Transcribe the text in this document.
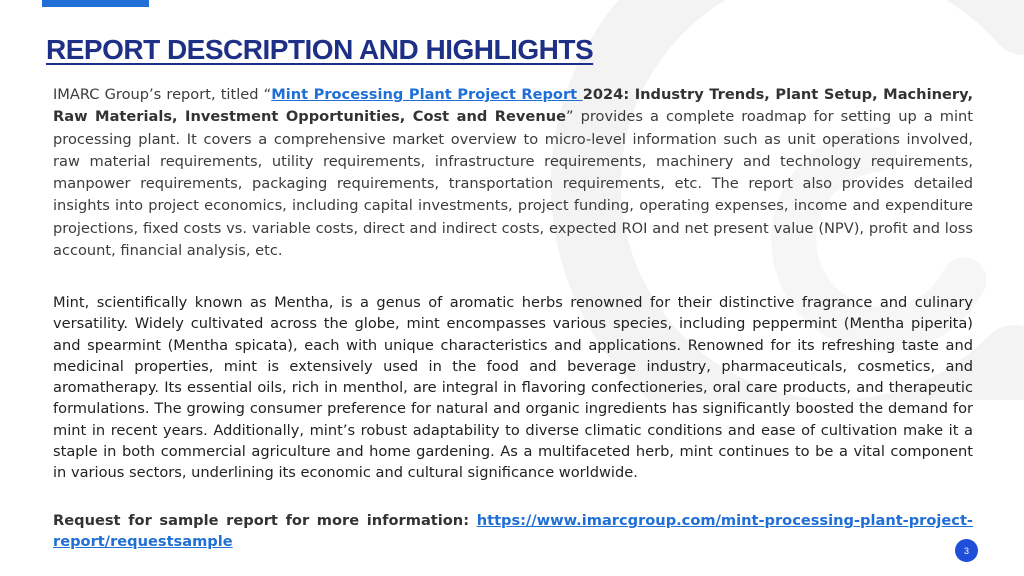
REPORT DESCRIPTION AND HIGHLIGHTS

IMARC Group’s report, titled “Mint Processing Plant Project Report 2024: Industry Trends, Plant Setup, Machinery, Raw Materials, Investment Opportunities, Cost and Revenue” provides a complete roadmap for setting up a mint processing plant. It covers a comprehensive market overview to micro-level information such as unit operations involved, raw material requirements, utility requirements, infrastructure requirements, machinery and technology requirements, manpower requirements, packaging requirements, transportation requirements, etc. The report also provides detailed insights into project economics, including capital investments, project funding, operating expenses, income and expenditure projections, fixed costs vs. variable costs, direct and indirect costs, expected ROI and net present value (NPV), profit and loss account, financial analysis, etc.

Mint, scientifically known as Mentha, is a genus of aromatic herbs renowned for their distinctive fragrance and culinary versatility. Widely cultivated across the globe, mint encompasses various species, including peppermint (Mentha piperita) and spearmint (Mentha spicata), each with unique characteristics and applications. Renowned for its refreshing taste and medicinal properties, mint is extensively used in the food and beverage industry, pharmaceuticals, cosmetics, and aromatherapy. Its essential oils, rich in menthol, are integral in flavoring confectioneries, oral care products, and therapeutic formulations. The growing consumer preference for natural and organic ingredients has significantly boosted the demand for mint in recent years. Additionally, mint’s robust adaptability to diverse climatic conditions and ease of cultivation make it a staple in both commercial agriculture and home gardening. As a multifaceted herb, mint continues to be a vital component in various sectors, underlining its economic and cultural significance worldwide.

Request for sample report for more information: https://www.imarcgroup.com/mint-processing-plant-project-report/requestsample

3
